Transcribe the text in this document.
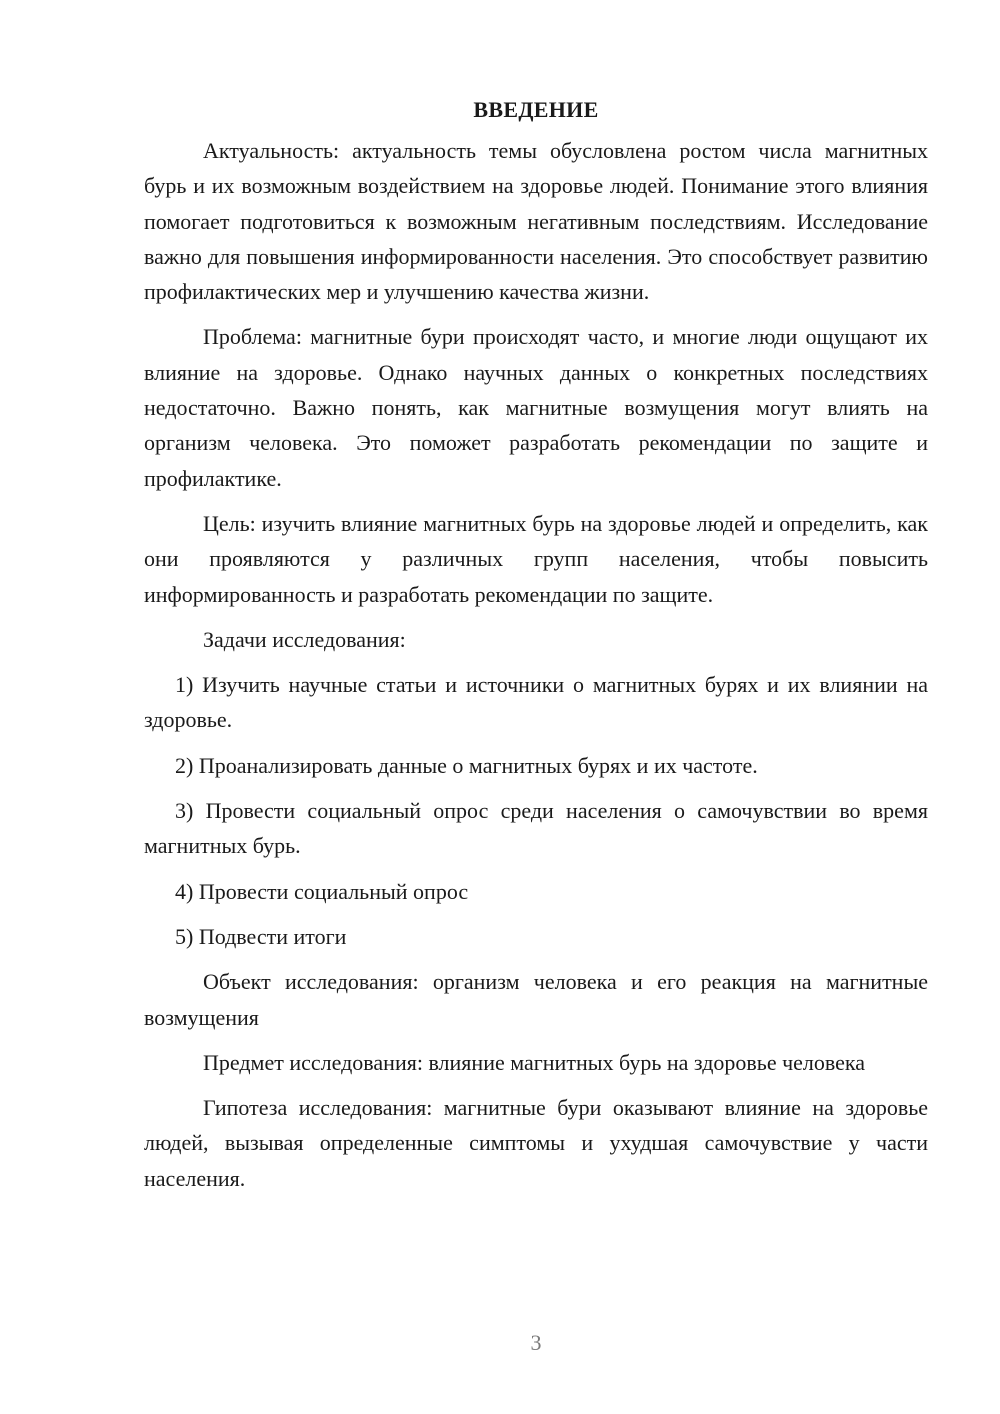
ВВЕДЕНИЕ

Актуальность: актуальность темы обусловлена ростом числа магнитных бурь и их возможным воздействием на здоровье людей. Понимание этого влияния помогает подготовиться к возможным негативным последствиям. Исследование важно для повышения информированности населения. Это способствует развитию профилактических мер и улучшению качества жизни.

Проблема: магнитные бури происходят часто, и многие люди ощущают их влияние на здоровье. Однако научных данных о конкретных последствиях недостаточно. Важно понять, как магнитные возмущения могут влиять на организм человека. Это поможет разработать рекомендации по защите и профилактике.

Цель: изучить влияние магнитных бурь на здоровье людей и определить, как они проявляются у различных групп населения, чтобы повысить информированность и разработать рекомендации по защите.

Задачи исследования:

1) Изучить научные статьи и источники о магнитных бурях и их влиянии на здоровье.

2) Проанализировать данные о магнитных бурях и их частоте.

3) Провести социальный опрос среди населения о самочувствии во время магнитных бурь.

4) Провести социальный опрос

5) Подвести итоги

Объект исследования: организм человека и его реакция на магнитные возмущения

Предмет исследования: влияние магнитных бурь на здоровье человека

Гипотеза исследования: магнитные бури оказывают влияние на здоровье людей, вызывая определенные симптомы и ухудшая самочувствие у части населения.

3
